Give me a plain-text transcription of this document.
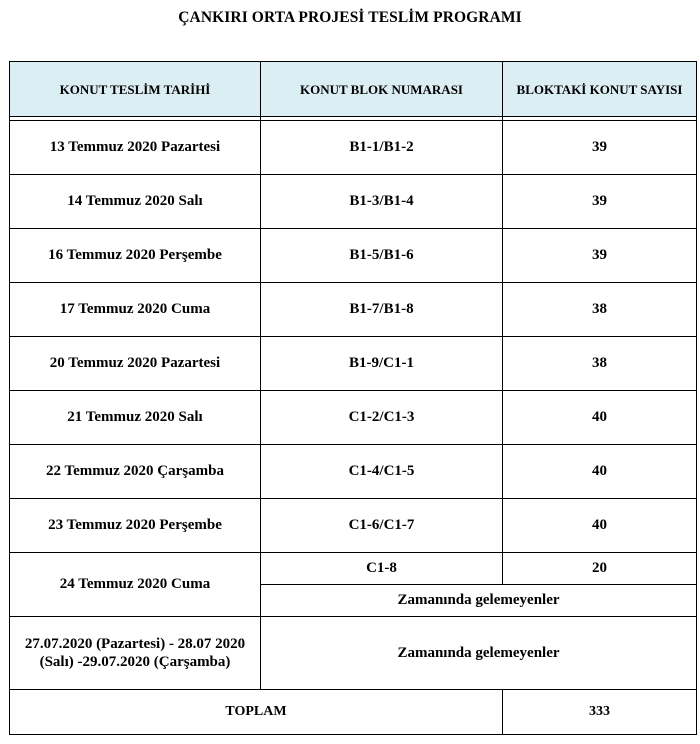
ÇANKIRI ORTA PROJESİ TESLİM PROGRAMI
KONUT TESLİM TARİHİ	KONUT BLOK NUMARASI	BLOKTAKİ KONUT SAYISI

13 Temmuz 2020 Pazartesi	B1-1/B1-2	39
14 Temmuz 2020 Salı	B1-3/B1-4	39
16 Temmuz 2020 Perşembe	B1-5/B1-6	39
17 Temmuz 2020 Cuma	B1-7/B1-8	38
20 Temmuz 2020 Pazartesi	B1-9/C1-1	38
21 Temmuz 2020 Salı	C1-2/C1-3	40
22 Temmuz 2020 Çarşamba	C1-4/C1-5	40
23 Temmuz 2020 Perşembe	C1-6/C1-7	40
24 Temmuz 2020 Cuma	C1-8	20
	Zamanında gelemeyenler	
27.07.2020 (Pazartesi) - 28.07 2020 (Salı) -29.07.2020 (Çarşamba)	Zamanında gelemeyenler	
TOPLAM		333
